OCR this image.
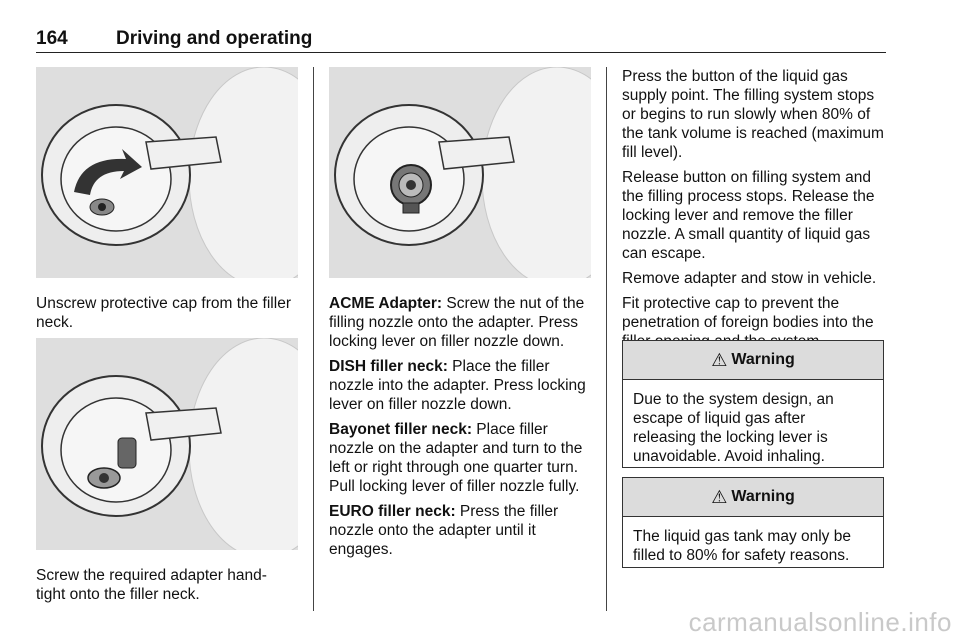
164	Driving and operating
Unscrew protective cap from the filler neck.
Screw the required adapter hand-tight onto the filler neck.

ACME Adapter: Screw the nut of the filling nozzle onto the adapter. Press locking lever on filler nozzle down.

DISH filler neck: Place the filler nozzle into the adapter. Press locking lever on filler nozzle down.

Bayonet filler neck: Place filler nozzle on the adapter and turn to the left or right through one quarter turn. Pull locking lever of filler nozzle fully.

EURO filler neck: Press the filler nozzle onto the adapter until it engages.

Press the button of the liquid gas supply point. The filling system stops or begins to run slowly when 80% of the tank volume is reached (maximum fill level).

Release button on filling system and the filling process stops. Release the locking lever and remove the filler nozzle. A small quantity of liquid gas can escape.

Remove adapter and stow in vehicle.

Fit protective cap to prevent the penetration of foreign bodies into the

⚠ Warning
Due to the system design, an escape of liquid gas after releasing the locking lever is unavoidable. Avoid inhaling.
⚠ Warning
The liquid gas tank may only be filled to 80% for safety reasons.
carmanualsonline.info
